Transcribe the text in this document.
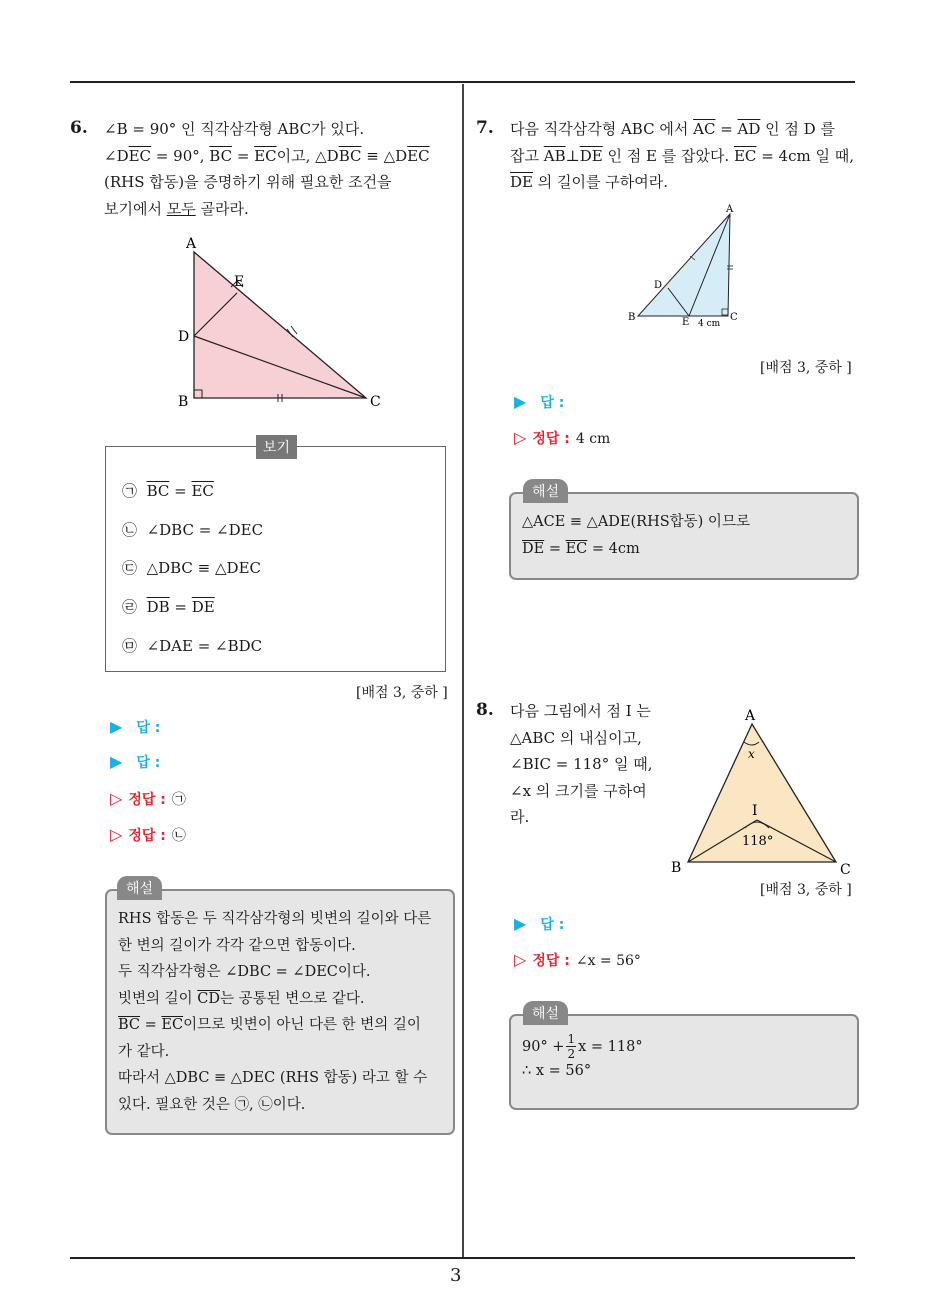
3
6. ∠B = 90° 인 직각삼각형 ABC가 있다.
$\angle D\overline{EC} = 90^\circ$, $\overline{BC} = \overline{EC}$이고, $\triangle D\overline{BC}$ ≡ $\triangle D\overline{EC}$
(RHS 합동)을 증명하기 위해 필요한 조건을
보기에서 모두 골라라.
A
E
D
B	C
보기
㉠ $\overline{BC} = \overline{EC}$
㉡ ∠DBC = ∠DEC
㉢ △DBC ≡ △DEC
㉣ $\overline{DB} = \overline{DE}$
㉤ ∠DAE = ∠BDC
[배점 3, 중하 ]
▶ 답 :
▶ 답 :
▷ 정답 : ㉠
▷ 정답 : ㉡
해설
RHS 합동은 두 직각삼각형의 빗변의 길이와 다른
한 변의 길이가 각각 같으면 합동이다.
두 직각삼각형은 ∠DBC = ∠DEC이다.
빗변의 길이 $\overline{CD}$는 공통된 변으로 같다.
$\overline{BC} = \overline{EC}$이므로 빗변이 아닌 다른 한 변의 길이
가 같다.
따라서 △DBC ≡ △DEC (RHS 합동) 라고 할 수
있다. 필요한 것은 ㉠, ㉡이다.
7. 다음 직각삼각형 ABC 에서 $\overline{AC} = \overline{AD}$ 인 점 D 를
잡고 $\overline{AB}\perp\overline{DE}$ 인 점 E 를 잡았다. $\overline{EC} = 4cm$ 일 때,
$\overline{DE}$ 의 길이를 구하여라.
A
D
B	E 4 cm
C
[배점 3, 중하 ]
▶ 답 :
▷ 정답 : 4 cm
해설
△ACE ≡ △ADE(RHS합동) 이므로
$\overline{DE} = \overline{EC} = 4cm$
8. 다음 그림에서 점 I 는
△ABC 의 내심이고,
∠BIC = 118° 일 때,
∠x 의 크기를 구하여
라.
A
x
I
118°
B	C
[배점 3, 중하 ]
▶ 답 :
▷ 정답 : ∠x = 56°
해설
$90^\circ + \frac{1}{2}$ x = 118°
∴ x = 56°
